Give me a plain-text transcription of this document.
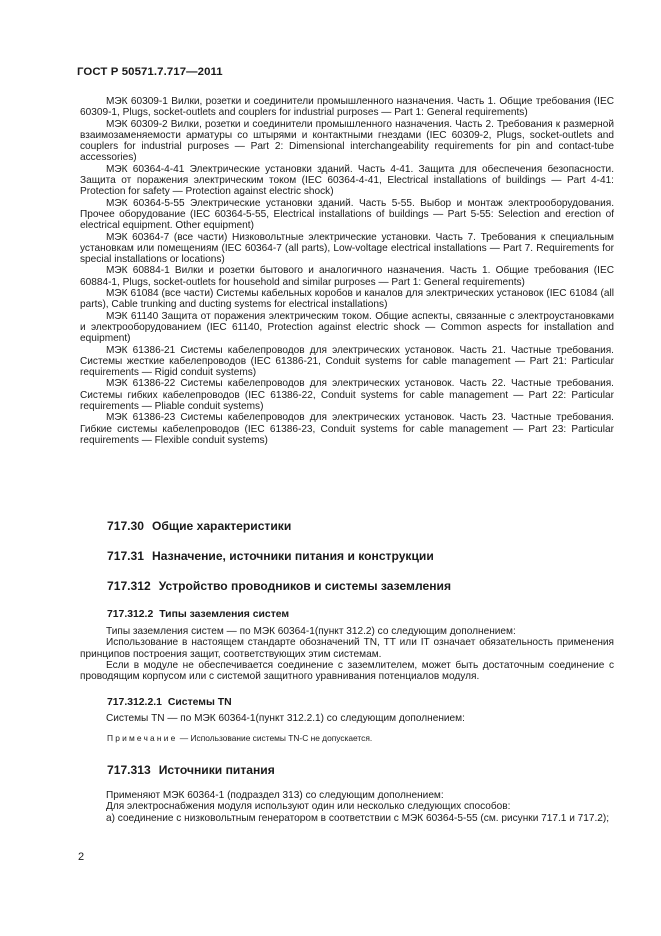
ГОСТ Р 50571.7.717—2011

МЭК 60309-1 Вилки, розетки и соединители промышленного назначения. Часть 1. Общие требования (IEC 60309-1, Plugs, socket-outlets and couplers for industrial purposes — Part 1: General requirements)

МЭК 60309-2 Вилки, розетки и соединители промышленного назначения. Часть 2. Требования к размерной взаимозаменяемости арматуры со штырями и контактными гнездами (IEC 60309-2, Plugs, socket-outlets and couplers for industrial purposes — Part 2: Dimensional interchangeability requirements for pin and contact-tube accessories)

МЭК 60364-4-41 Электрические установки зданий. Часть 4-41. Защита для обеспечения безопасности. Защита от поражения электрическим током (IEC 60364-4-41, Electrical installations of buildings — Part 4-41: Protection for safety — Protection against electric shock)

МЭК 60364-5-55 Электрические установки зданий. Часть 5-55. Выбор и монтаж электрооборудования. Прочее оборудование (IEC 60364-5-55, Electrical installations of buildings — Part 5-55: Selection and erection of electrical equipment. Other equipment)

МЭК 60364-7 (все части) Низковольтные электрические установки. Часть 7. Требования к специальным установкам или помещениям (IEC 60364-7 (all parts), Low-voltage electrical installations — Part 7. Requirements for special installations or locations)

МЭК 60884-1 Вилки и розетки бытового и аналогичного назначения. Часть 1. Общие требования (IEC 60884-1, Plugs, socket-outlets for household and similar purposes — Part 1: General requirements)

МЭК 61084 (все части) Системы кабельных коробов и каналов для электрических установок (IEC 61084 (all parts), Cable trunking and ducting systems for electrical installations)

МЭК 61140 Защита от поражения электрическим током. Общие аспекты, связанные с электроустановками и электрооборудованием (IEC 61140, Protection against electric shock — Common aspects for installation and equipment)

МЭК 61386-21 Системы кабелепроводов для электрических установок. Часть 21. Частные требования. Системы жесткие кабелепроводов (IEC 61386-21, Conduit systems for cable management — Part 21: Particular requirements — Rigid conduit systems)

МЭК 61386-22 Системы кабелепроводов для электрических установок. Часть 22. Частные требования. Системы гибких кабелепроводов (IEC 61386-22, Conduit systems for cable management — Part 22: Particular requirements — Pliable conduit systems)

МЭК 61386-23 Системы кабелепроводов для электрических установок. Часть 23. Частные требования. Гибкие системы кабелепроводов (IEC 61386-23, Conduit systems for cable management — Part 23: Particular requirements — Flexible conduit systems)

717.30 Общие характеристики
717.31 Назначение, источники питания и конструкции
717.312 Устройство проводников и системы заземления
717.312.2 Типы заземления систем

Типы заземления систем — по МЭК 60364-1(пункт 312.2) со следующим дополнением:

Использование в настоящем стандарте обозначений TN, TT или IT означает обязательность применения принципов построения защит, соответствующих этим системам.

Если в модуле не обеспечивается соединение с заземлителем, может быть достаточным соединение с проводящим корпусом или с системой защитного уравнивания потенциалов модуля.

717.312.2.1 Системы TN

Системы TN — по МЭК 60364-1(пункт 312.2.1) со следующим дополнением:

Примечание — Использование системы TN-C не допускается.
717.313 Источники питания

Применяют МЭК 60364-1 (подраздел 313) со следующим дополнением:

Для электроснабжения модуля используют один или несколько следующих способов:

a) соединение с низковольтным генератором в соответствии с МЭК 60364-5-55 (см. рисунки 717.1 и 717.2);

2
